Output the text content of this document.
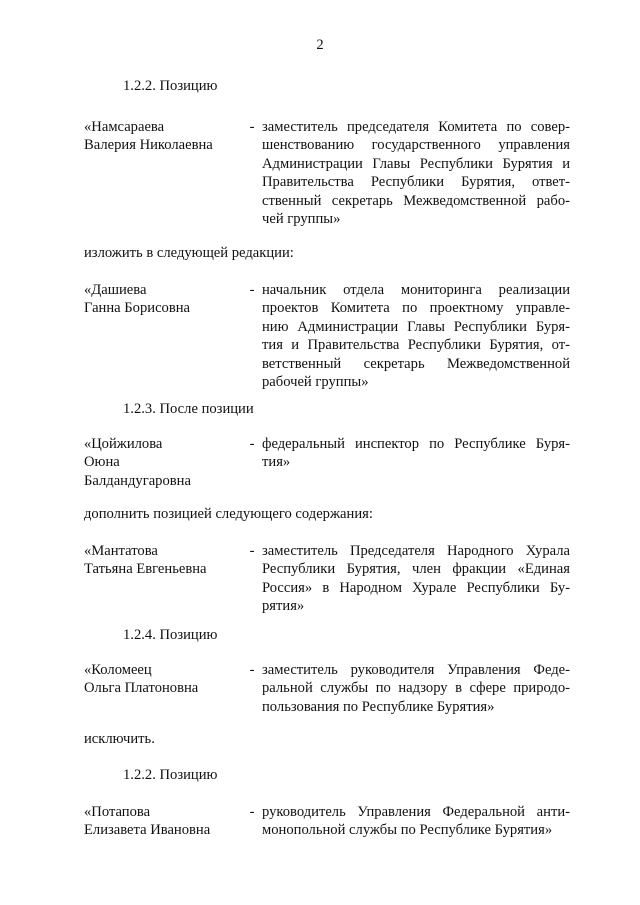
2
1.2.2. Позицию
«Намсараева
Валерия Николаевна
- заместитель председателя Комитета по совер-
шенствованию государственного управления
Администрации Главы Республики Бурятия и
Правительства Республики Бурятия, ответ-
ственный секретарь Межведомственной рабо-
чей группы»
изложить в следующей редакции:
«Дашиева
Ганна Борисовна
- начальник отдела мониторинга реализации
проектов Комитета по проектному управле-
нию Администрации Главы Республики Буря-
тия и Правительства Республики Бурятия, от-
ветственный секретарь Межведомственной
рабочей группы»
1.2.3. После позиции
«Цойжилова
Оюна
Балдандугаровна
- федеральный инспектор по Республике Буря-
тия»
дополнить позицией следующего содержания:
«Мантатова
Татьяна Евгеньевна
- заместитель Председателя Народного Хурала
Республики Бурятия, член фракции «Единая
Россия» в Народном Хурале Республики Бу-
рятия»
1.2.4. Позицию
«Коломеец
Ольга Платоновна
- заместитель руководителя Управления Феде-
ральной службы по надзору в сфере природо-
пользования по Республике Бурятия»
исключить.
1.2.2. Позицию
«Потапова
Елизавета Ивановна
- руководитель Управления Федеральной анти-
монопольной службы по Республике Бурятия»
